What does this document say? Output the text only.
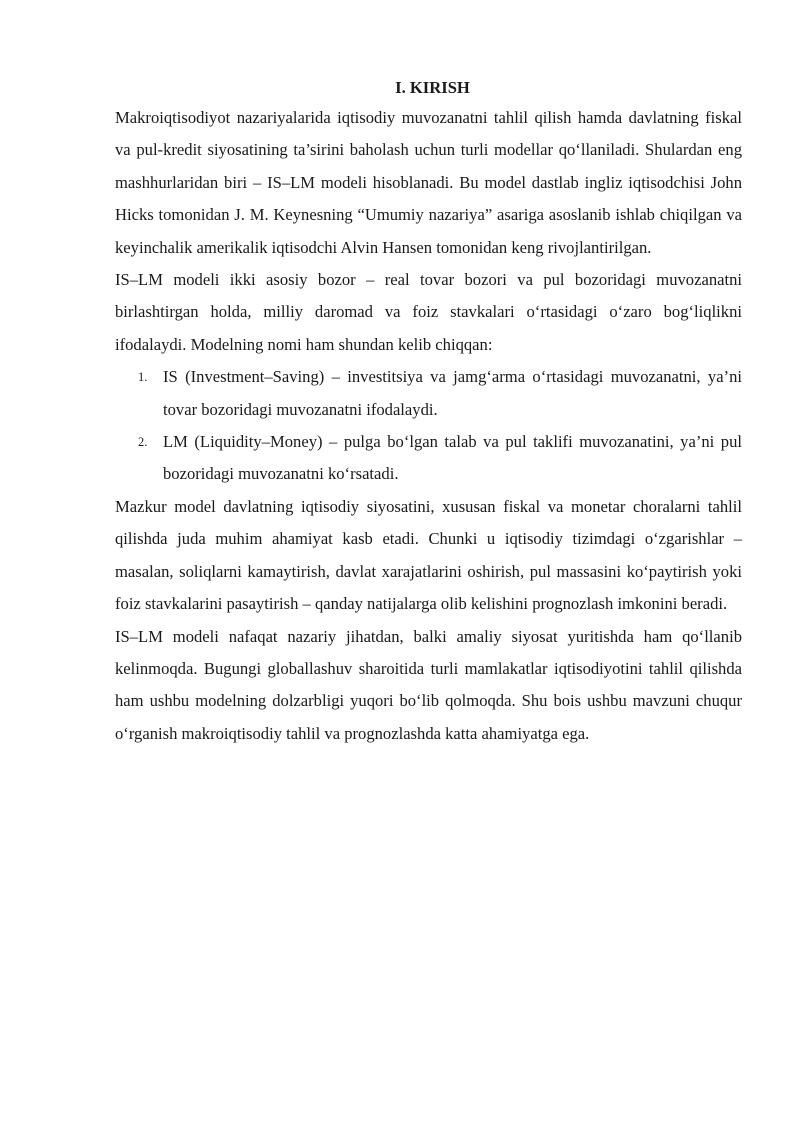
I. KIRISH

Makroiqtisodiyot nazariyalarida iqtisodiy muvozanatni tahlil qilish hamda davlatning fiskal va pul-kredit siyosatining ta’sirini baholash uchun turli modellar qo‘llaniladi. Shulardan eng mashhurlaridan biri – IS–LM modeli hisoblanadi. Bu model dastlab ingliz iqtisodchisi John Hicks tomonidan J. M. Keynesning “Umumiy nazariya” asariga asoslanib ishlab chiqilgan va keyinchalik amerikalik iqtisodchi Alvin Hansen tomonidan keng rivojlantirilgan.

IS–LM modeli ikki asosiy bozor – real tovar bozori va pul bozoridagi muvozanatni birlashtirgan holda, milliy daromad va foiz stavkalari o‘rtasidagi o‘zaro bog‘liqlikni ifodalaydi. Modelning nomi ham shundan kelib chiqqan:

1. IS (Investment–Saving) – investitsiya va jamg‘arma o‘rtasidagi muvozanatni, ya’ni tovar bozoridagi muvozanatni ifodalaydi.
2. LM (Liquidity–Money) – pulga bo‘lgan talab va pul taklifi muvozanatini, ya’ni pul bozoridagi muvozanatni ko‘rsatadi.

Mazkur model davlatning iqtisodiy siyosatini, xususan fiskal va monetar choralarni tahlil qilishda juda muhim ahamiyat kasb etadi. Chunki u iqtisodiy tizimdagi o‘zgarishlar – masalan, soliqlarni kamaytirish, davlat xarajatlarini oshirish, pul massasini ko‘paytirish yoki foiz stavkalarini pasaytirish – qanday natijalarga olib kelishini prognozlash imkonini beradi.

IS–LM modeli nafaqat nazariy jihatdan, balki amaliy siyosat yuritishda ham qo‘llanib kelinmoqda. Bugungi globallashuv sharoitida turli mamlakatlar iqtisodiyotini tahlil qilishda ham ushbu modelning dolzarbligi yuqori bo‘lib qolmoqda. Shu bois ushbu mavzuni chuqur o‘rganish makroiqtisodiy tahlil va prognozlashda katta ahamiyatga ega.
